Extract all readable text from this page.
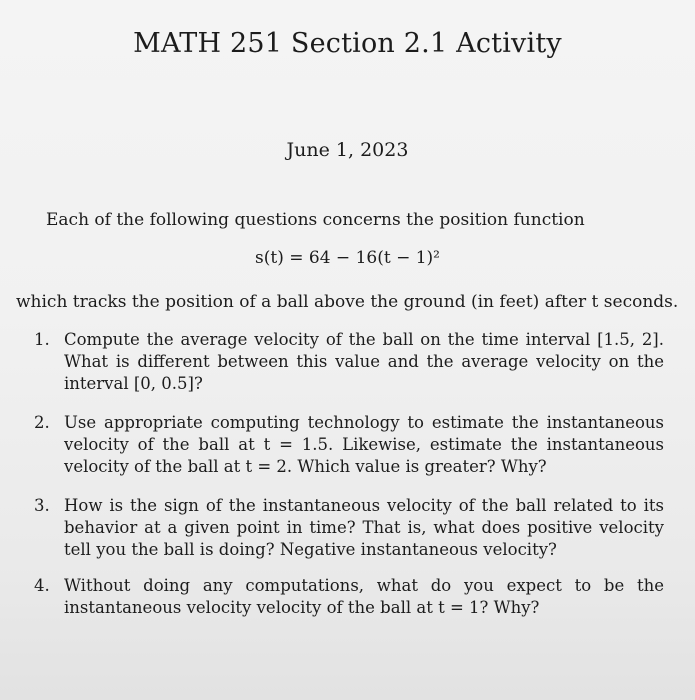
MATH 251 Section 2.1 Activity
June 1, 2023
Each of the following questions concerns the position function
s(t) = 64 − 16(t − 1)²
which tracks the position of a ball above the ground (in feet) after t seconds.
1. Compute the average velocity of the ball on the time interval [1.5, 2]. What is different between this value and the average velocity on the interval [0, 0.5]?
2. Use appropriate computing technology to estimate the instantaneous velocity of the ball at t = 1.5. Likewise, estimate the instantaneous velocity of the ball at t = 2. Which value is greater? Why?
3. How is the sign of the instantaneous velocity of the ball related to its behavior at a given point in time? That is, what does positive velocity tell you the ball is doing? Negative instantaneous velocity?
4. Without doing any computations, what do you expect to be the instantaneous velocity velocity of the ball at t = 1? Why?
